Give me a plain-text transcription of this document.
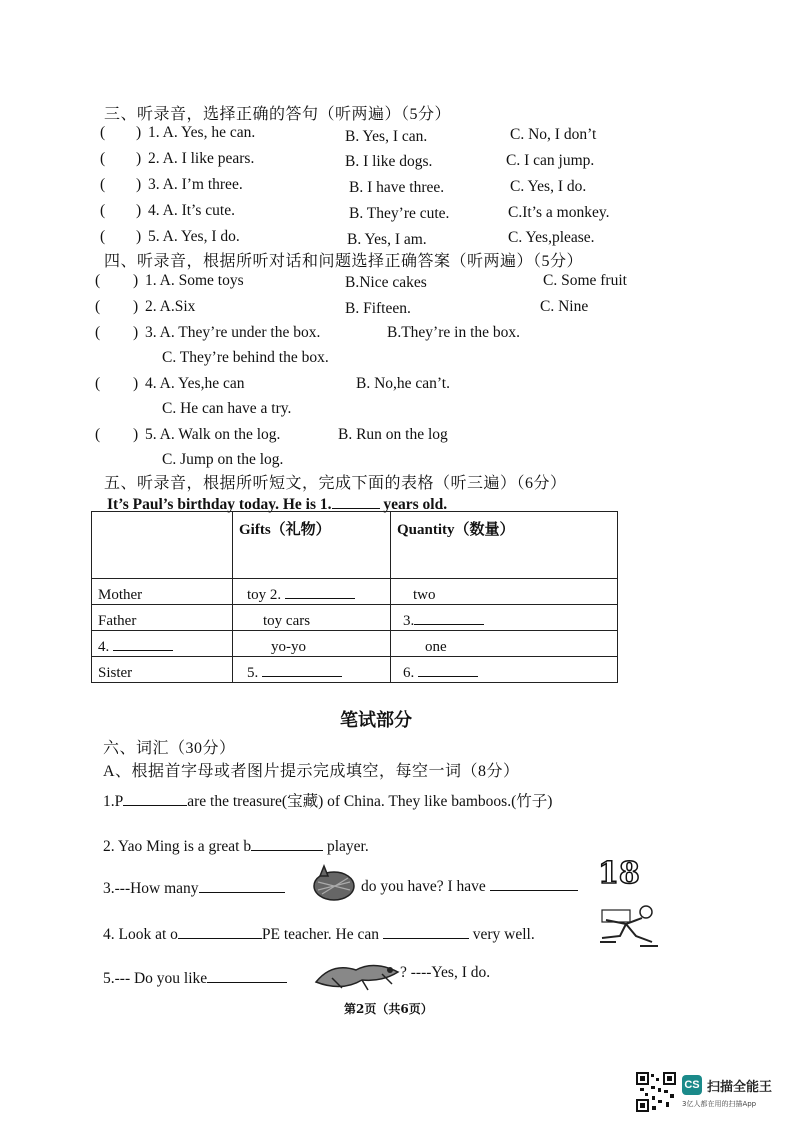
三、听录音，选择正确的答句（听两遍）（5分）
( ) 1. A. Yes, he can.	B. Yes, I can.	C. No, I don’t
( ) 2. A. I like pears.	B. I like dogs.	C. I can jump.
( ) 3. A. I’m three.	B. I have three.	C. Yes, I do.
( ) 4. A. It’s cute.	B. They’re cute.	C.It’s a monkey.
( ) 5. A. Yes, I do.	B. Yes, I am.	C. Yes,please.
四、听录音，根据所听对话和问题选择正确答案（听两遍）（5分）
( ) 1. A. Some toys	B.Nice cakes	C. Some fruit
( ) 2. A.Six	B. Fifteen.	C. Nine
( ) 3. A. They’re under the box.	B.They’re in the box.
C. They’re behind the box.
( ) 4. A. Yes,he can	B. No,he can’t.
C. He can have a try.
( ) 5. A. Walk on the log.	B. Run on the log
C. Jump on the log.
五、听录音，根据所听短文，完成下面的表格（听三遍）（6分）
It’s Paul’s birthday today. He is 1.	years old.
	Gifts（礼物）	Quantity（数量）
Mother	toy 2.	two
Father	toy cars	3.
4.	yo-yo	one
Sister	5.	6.
笔试部分
六、词汇（30分）
A、根据首字母或者图片提示完成填空，每空一词（8分）
1.P	are the treasure(宝藏) of China. They like bamboos.(竹子)
2. Yao Ming is a great b	player.
3.---How many	do you have? I have	18
4. Look at o	PE teacher. He can	very well.
5.--- Do you like	? ----Yes, I do.
第2页（共6页）
CS 扫描全能王
3亿人都在用的扫描App
